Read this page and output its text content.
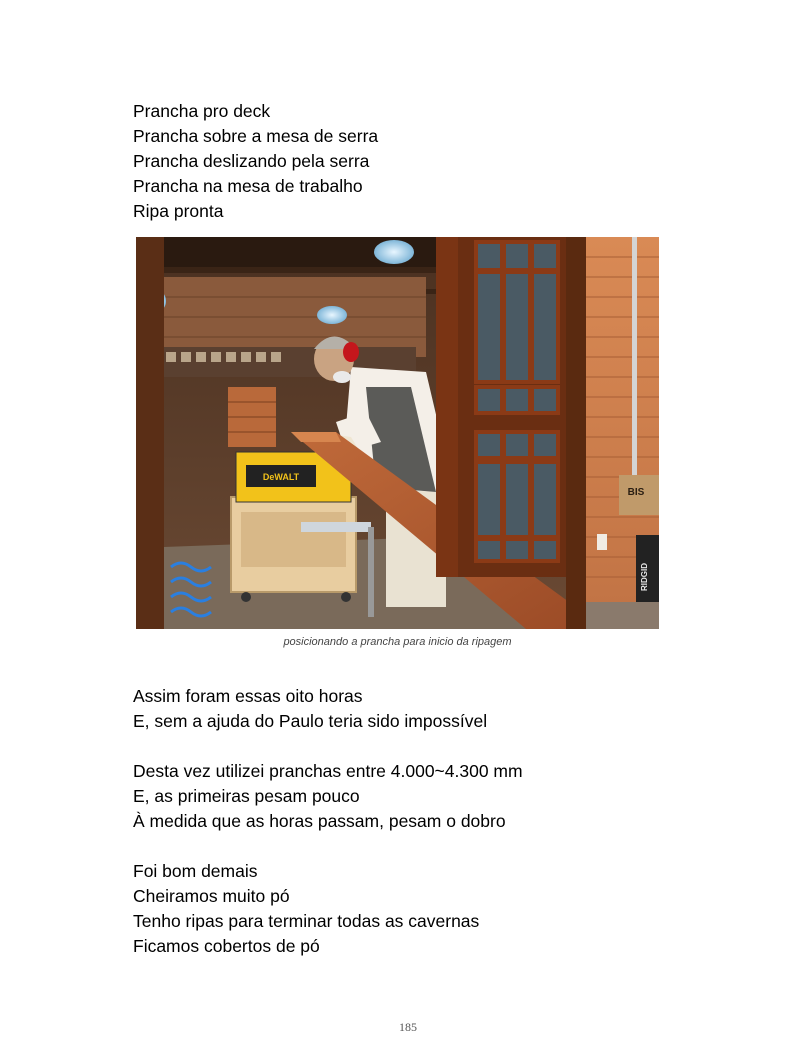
Prancha pro deck

Prancha sobre a mesa de serra

Prancha deslizando pela serra

Prancha na mesa de trabalho

Ripa pronta

DeWALT
BIS
RIDGID
posicionando a prancha para inicio da ripagem

Assim foram essas oito horas

E, sem a ajuda do Paulo teria sido impossível

Desta vez utilizei pranchas entre 4.000~4.300 mm

E, as primeiras pesam pouco

À medida que as horas passam, pesam o dobro

Foi bom demais

Cheiramos muito pó

Tenho ripas para terminar todas as cavernas

Ficamos cobertos de pó

185
